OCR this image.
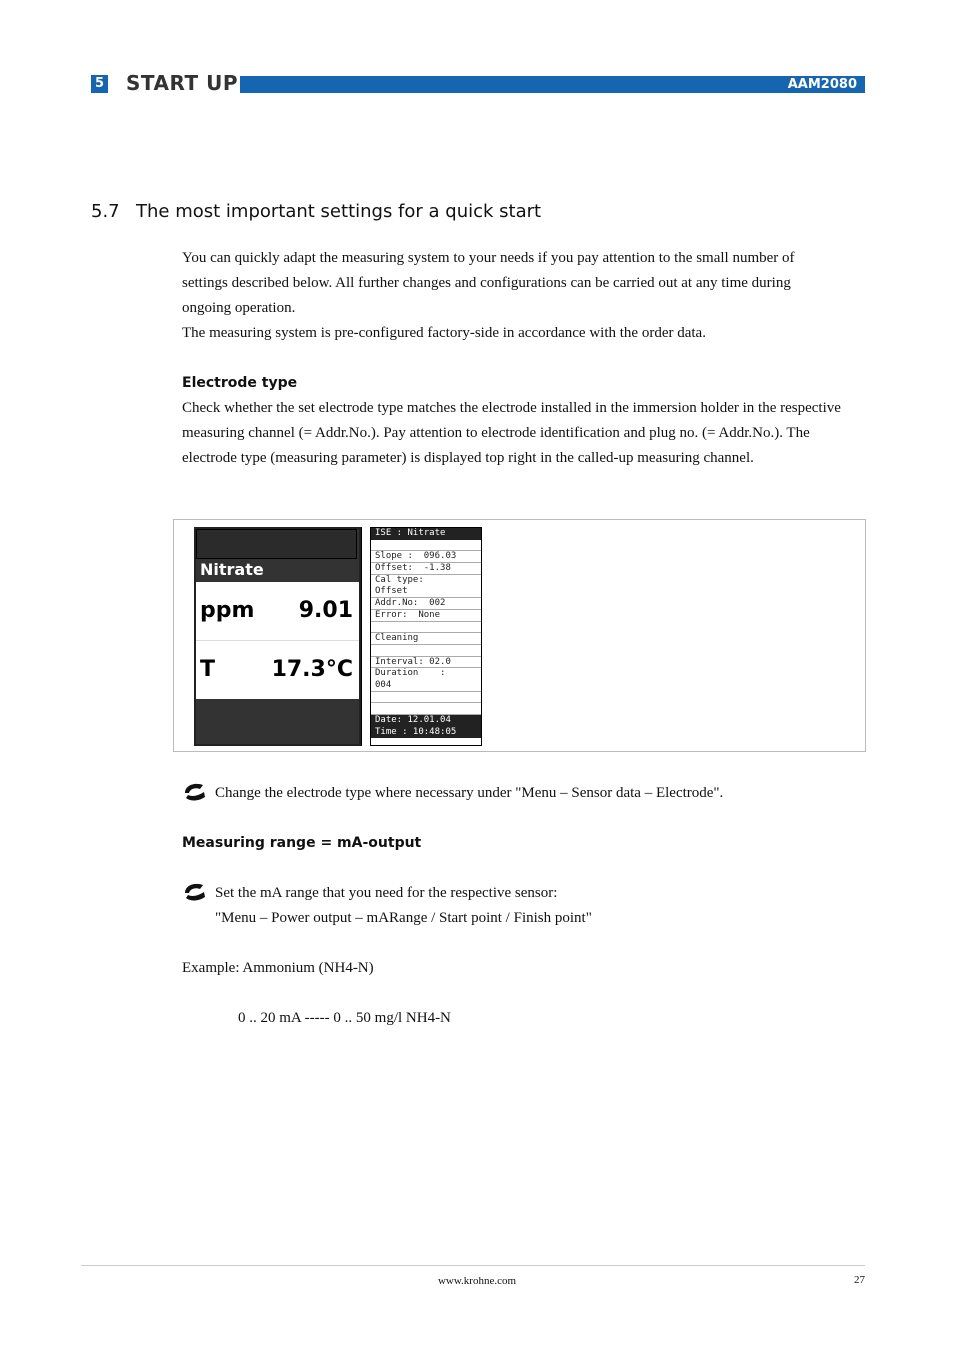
5 START UP	AAM2080
5.7 The most important settings for a quick start
You can quickly adapt the measuring system to your needs if you pay attention to the small number of settings described below. All further changes and configurations can be carried out at any time during ongoing operation.
The measuring system is pre-configured factory-side in accordance with the order data.
Electrode type
Check whether the set electrode type matches the electrode installed in the immersion holder in the respective measuring channel (= Addr.No.). Pay attention to electrode identification and plug no. (= Addr.No.). The electrode type (measuring parameter) is displayed top right in the called-up measuring channel.
Nitrate
ppm 9.01
T	17.3°C
ISE : Nitrate
Slope :  096.03
Offset:  -1.38
Cal type:
Offset
Addr.No:  002
Error:  None
Cleaning
Interval: 02.0
Duration    :
004
Date: 12.01.04
Time : 10:48:05
Change the electrode type where necessary under "Menu – Sensor data – Electrode".
Measuring range = mA-output
Set the mA range that you need for the respective sensor:
"Menu – Power output – mARange / Start point / Finish point"
Example: Ammonium (NH4-N)
0 .. 20 mA ----- 0 .. 50 mg/l NH4-N
www.krohne.com	27
